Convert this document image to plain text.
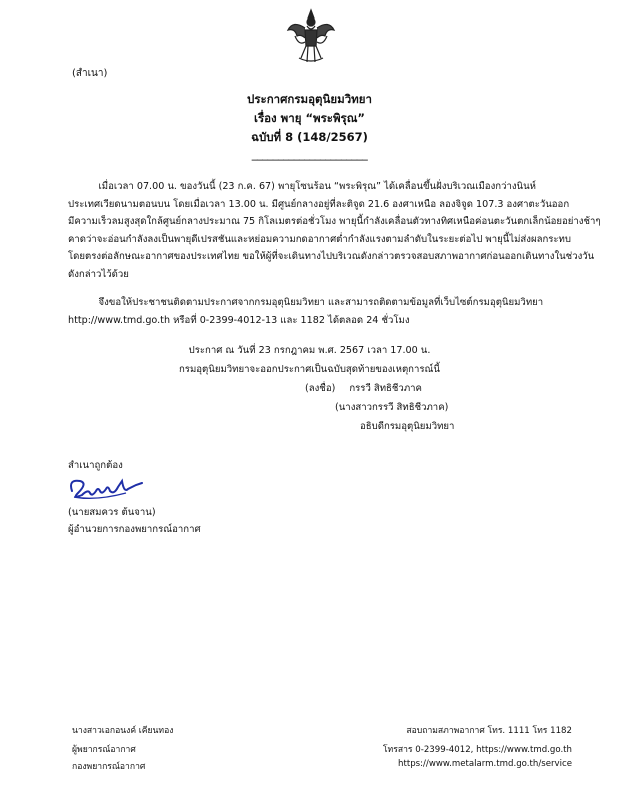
(สำเนา)
ประกาศกรมอุตุนิยมวิทยา
เรื่อง พายุ “พระพิรุณ”
ฉบับที่ 8 (148/2567)
______________________
เมื่อเวลา 07.00 น. ของวันนี้ (23 ก.ค. 67) พายุโซนร้อน “พระพิรุณ” ได้เคลื่อนขึ้นฝั่งบริเวณเมืองกว่างนินห์
ประเทศเวียดนามตอนบน โดยเมื่อเวลา 13.00 น. มีศูนย์กลางอยู่ที่ละติจูด 21.6 องศาเหนือ ลองจิจูด 107.3 องศาตะวันออก
มีความเร็วลมสูงสุดใกล้ศูนย์กลางประมาณ 75 กิโลเมตรต่อชั่วโมง พายุนี้กำลังเคลื่อนตัวทางทิศเหนือค่อนตะวันตกเล็กน้อยอย่างช้าๆ
คาดว่าจะอ่อนกำลังลงเป็นพายุดีเปรสชันและหย่อมความกดอากาศต่ำกำลังแรงตามลำดับในระยะต่อไป พายุนี้ไม่ส่งผลกระทบ
โดยตรงต่อลักษณะอากาศของประเทศไทย ขอให้ผู้ที่จะเดินทางไปบริเวณดังกล่าวตรวจสอบสภาพอากาศก่อนออกเดินทางในช่วงวัน
ดังกล่าวไว้ด้วย
จึงขอให้ประชาชนติดตามประกาศจากกรมอุตุนิยมวิทยา และสามารถติดตามข้อมูลที่เว็บไซต์กรมอุตุนิยมวิทยา
http://www.tmd.go.th หรือที่ 0-2399-4012-13 และ 1182 ได้ตลอด 24 ชั่วโมง
ประกาศ ณ วันที่ 23 กรกฎาคม พ.ศ. 2567 เวลา 17.00 น.
กรมอุตุนิยมวิทยาจะออกประกาศเป็นฉบับสุดท้ายของเหตุการณ์นี้
(ลงชื่อ) กรรวี สิทธิชีวภาค
(นางสาวกรรวี สิทธิชีวภาค)
อธิบดีกรมอุตุนิยมวิทยา
สำเนาถูกต้อง
(นายสมควร ต้นจาน)
ผู้อำนวยการกองพยากรณ์อากาศ
นางสาวเอกอนงค์ เคียนทอง
ผู้พยากรณ์อากาศ
กองพยากรณ์อากาศ
สอบถามสภาพอากาศ โทร. 1111 โทร 1182
โทรสาร 0-2399-4012, https://www.tmd.go.th
https://www.metalarm.tmd.go.th/service
